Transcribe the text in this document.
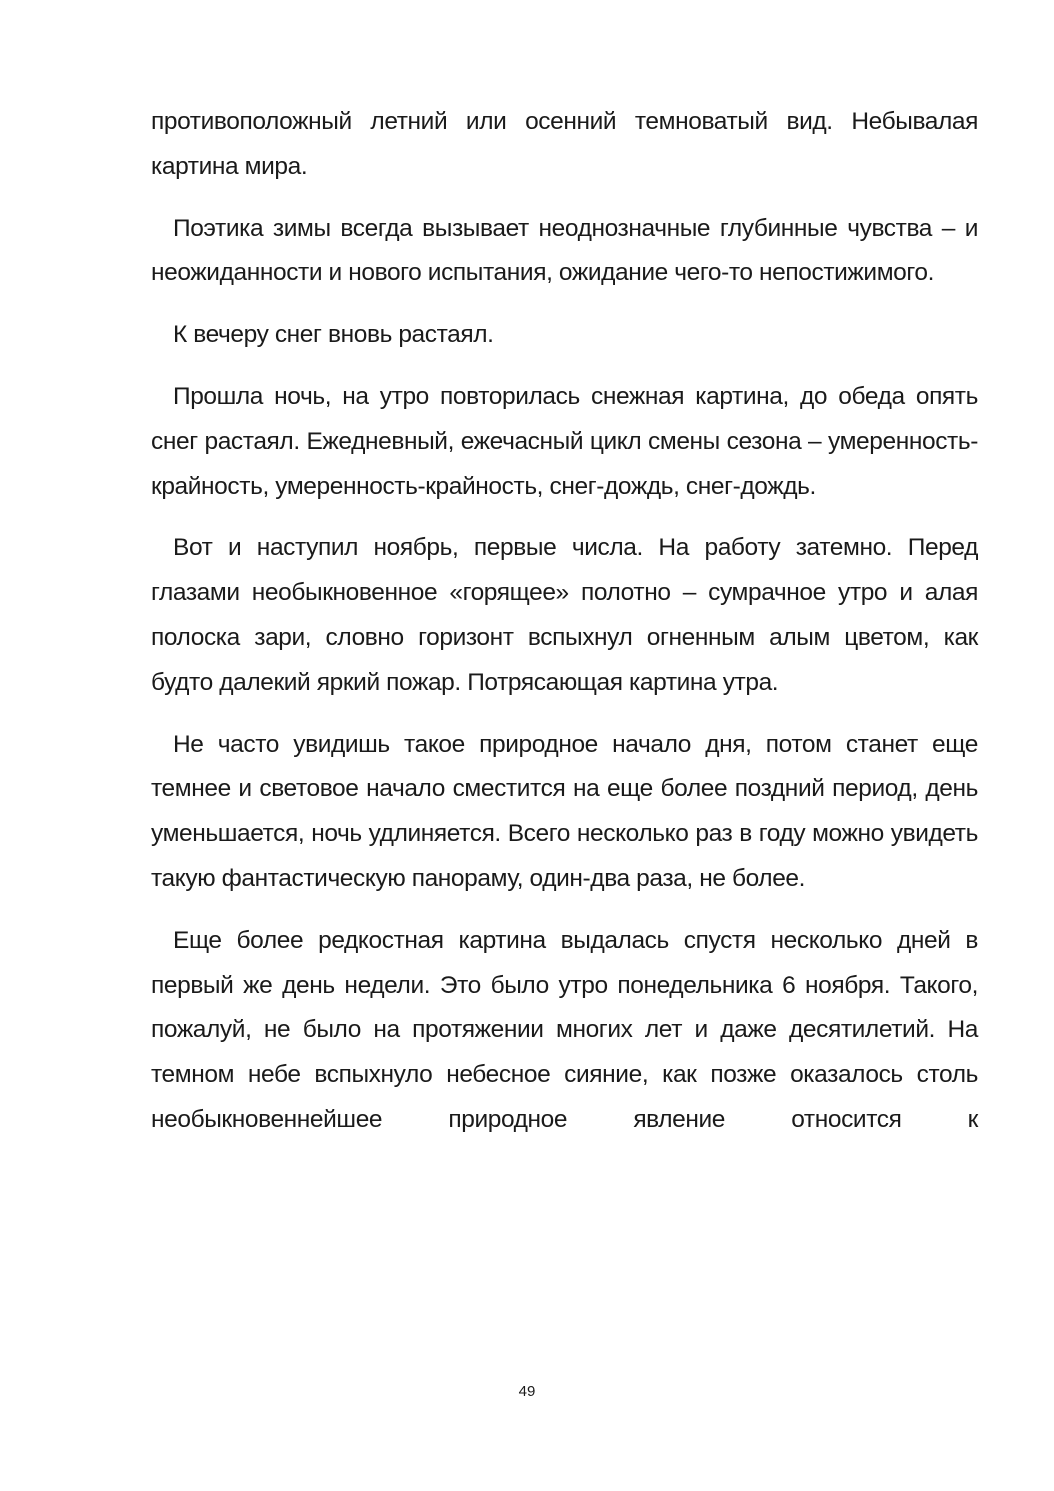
противоположный летний или осенний темноватый вид. Небывалая картина мира.

Поэтика зимы всегда вызывает неоднозначные глубинные чувства – и неожиданности и нового испытания, ожидание чего-то непостижимого.

К вечеру снег вновь растаял.

Прошла ночь, на утро повторилась снежная картина, до обеда опять снег растаял. Ежедневный, ежечасный цикл смены сезона – умеренность-крайность, умеренность-крайность, снег-дождь, снег-дождь.

Вот и наступил ноябрь, первые числа. На работу затемно. Перед глазами необыкновенное «горящее» полотно – сумрачное утро и алая полоска зари, словно горизонт вспыхнул огненным алым цветом, как будто далекий яркий пожар. Потрясающая картина утра.

Не часто увидишь такое природное начало дня, потом станет еще темнее и световое начало сместится на еще более поздний период, день уменьшается, ночь удлиняется. Всего несколько раз в году можно увидеть такую фантастическую панораму, один-два раза, не более.

Еще более редкостная картина выдалась спустя несколько дней в первый же день недели. Это было утро понедельника 6 ноября. Такого, пожалуй, не было на протяжении многих лет и даже десятилетий. На темном небе вспыхнуло небесное сияние, как позже оказалось столь необыкновеннейшее природное явление относится к

49
